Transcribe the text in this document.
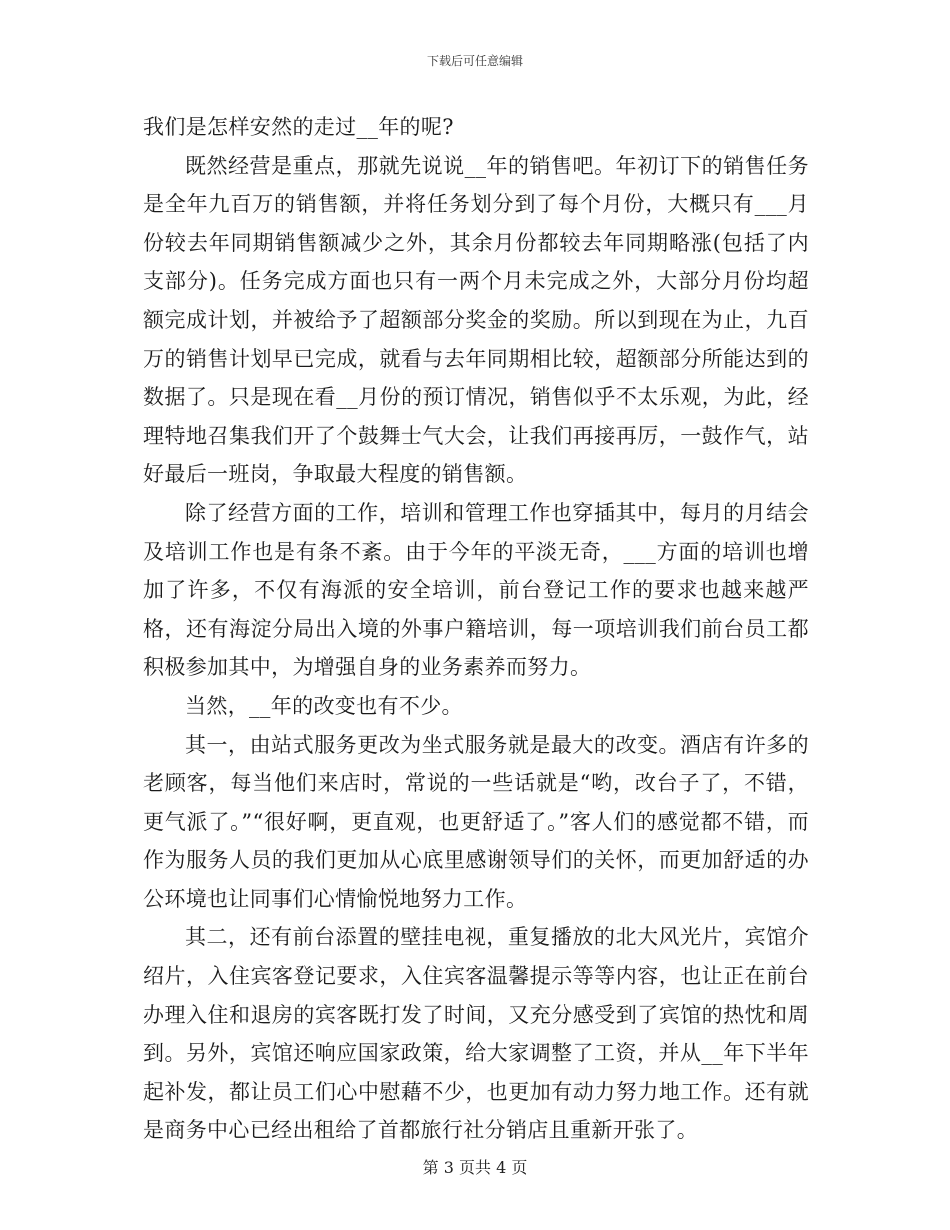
下载后可任意编辑

我们是怎样安然的走过__年的呢?

既然经营是重点，那就先说说__年的销售吧。年初订下的销售任务是全年九百万的销售额，并将任务划分到了每个月份，大概只有___月份较去年同期销售额减少之外，其余月份都较去年同期略涨(包括了内支部分)。任务完成方面也只有一两个月未完成之外，大部分月份均超额完成计划，并被给予了超额部分奖金的奖励。所以到现在为止，九百万的销售计划早已完成，就看与去年同期相比较，超额部分所能达到的数据了。只是现在看__月份的预订情况，销售似乎不太乐观，为此，经理特地召集我们开了个鼓舞士气大会，让我们再接再厉，一鼓作气，站好最后一班岗，争取最大程度的销售额。

除了经营方面的工作，培训和管理工作也穿插其中，每月的月结会及培训工作也是有条不紊。由于今年的平淡无奇，___方面的培训也增加了许多，不仅有海派的安全培训，前台登记工作的要求也越来越严格，还有海淀分局出入境的外事户籍培训，每一项培训我们前台员工都积极参加其中，为增强自身的业务素养而努力。

当然，__年的改变也有不少。

其一，由站式服务更改为坐式服务就是最大的改变。酒店有许多的老顾客，每当他们来店时，常说的一些话就是“哟，改台子了，不错，更气派了。”“很好啊，更直观，也更舒适了。”客人们的感觉都不错，而作为服务人员的我们更加从心底里感谢领导们的关怀，而更加舒适的办公环境也让同事们心情愉悦地努力工作。

其二，还有前台添置的壁挂电视，重复播放的北大风光片，宾馆介绍片，入住宾客登记要求，入住宾客温馨提示等等内容，也让正在前台办理入住和退房的宾客既打发了时间，又充分感受到了宾馆的热忱和周到。另外，宾馆还响应国家政策，给大家调整了工资，并从__年下半年起补发，都让员工们心中慰藉不少，也更加有动力努力地工作。还有就是商务中心已经出租给了首都旅行社分销店且重新开张了。

第 3 页共 4 页
